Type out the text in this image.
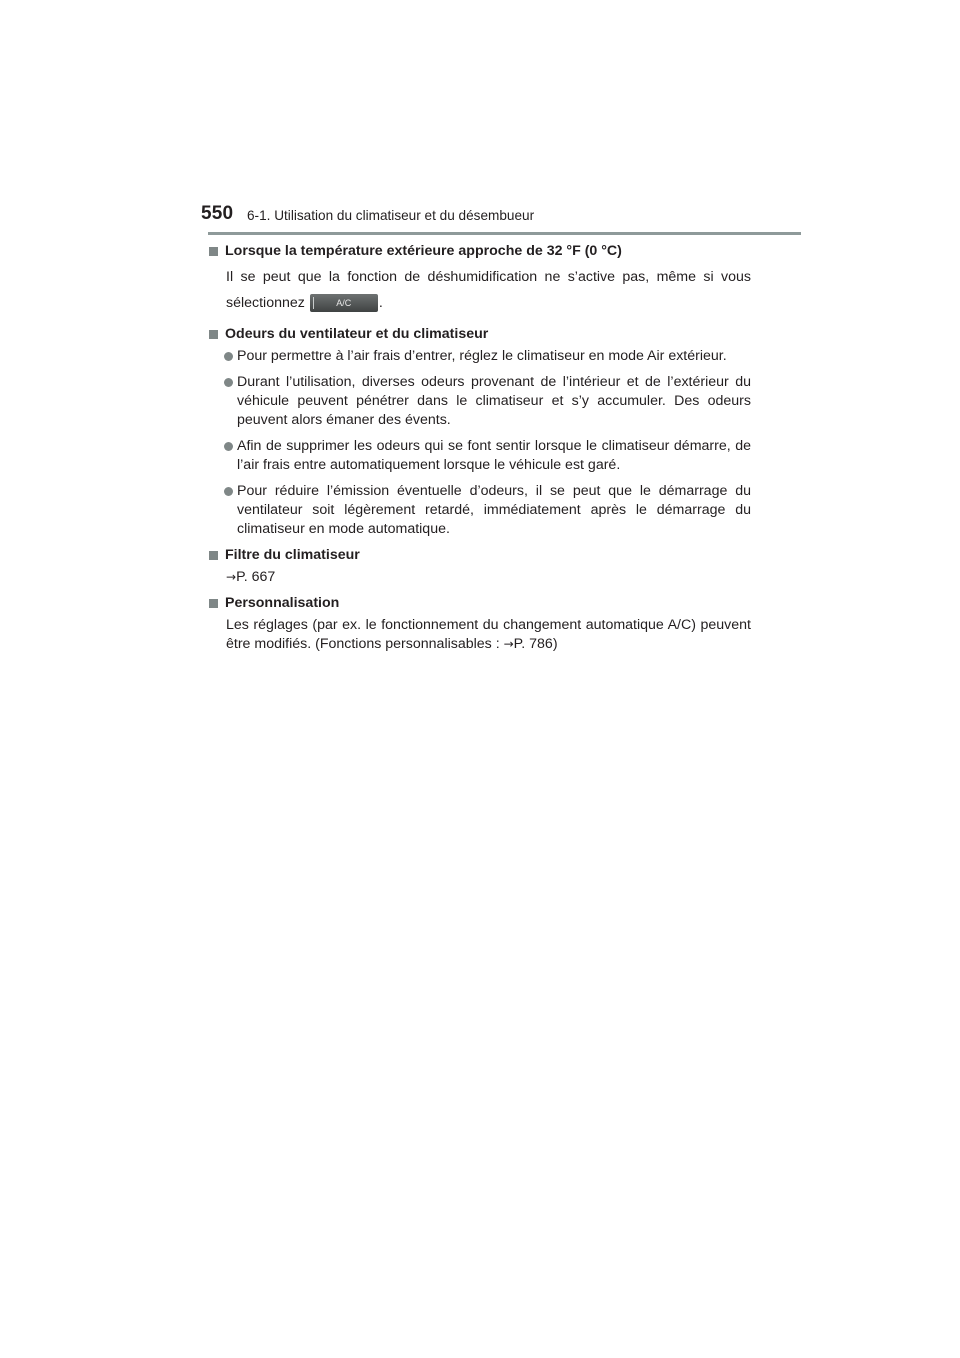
550 6-1. Utilisation du climatiseur et du désembueur
Lorsque la température extérieure approche de 32 °F (0 °C)
Il se peut que la fonction de déshumidification ne s’active pas, même si vous sélectionnez	A/C	.
Odeurs du ventilateur et du climatiseur
Pour permettre à l’air frais d’entrer, réglez le climatiseur en mode Air extérieur.
Durant l’utilisation, diverses odeurs provenant de l’intérieur et de l’extérieur du véhicule peuvent pénétrer dans le climatiseur et s’y accumuler. Des odeurs peuvent alors émaner des évents.
Afin de supprimer les odeurs qui se font sentir lorsque le climatiseur démarre, de l’air frais entre automatiquement lorsque le véhicule est garé.
Pour réduire l’émission éventuelle d’odeurs, il se peut que le démarrage du ventilateur soit légèrement retardé, immédiatement après le démarrage du climatiseur en mode automatique.
Filtre du climatiseur
→P. 667
Personnalisation
Les réglages (par ex. le fonctionnement du changement automatique A/C) peuvent être modifiés. (Fonctions personnalisables : →P. 786)
